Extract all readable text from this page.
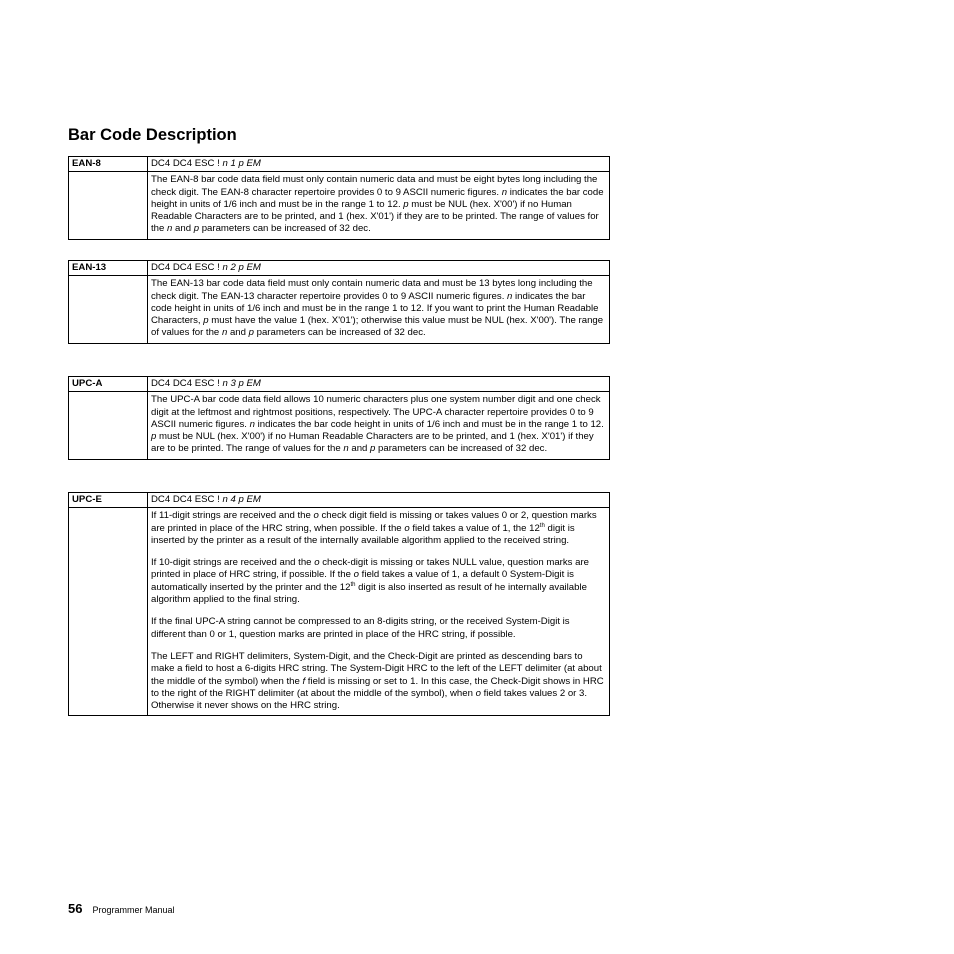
Bar Code Description
EAN-8	DC4 DC4 ESC ! n 1 p EM

	The EAN-8 bar code data field must only contain numeric data and must be eight bytes long including the check digit. The EAN-8 character repertoire provides 0 to 9 ASCII numeric figures. n indicates the bar code height in units of 1/6 inch and must be in the range 1 to 12. p must be NUL (hex. X'00') if no Human Readable Characters are to be printed, and 1 (hex. X'01') if they are to be printed. The range of values for the n and p parameters can be increased of 32 dec.

EAN-13	DC4 DC4 ESC ! n 2 p EM

	The EAN-13 bar code data field must only contain numeric data and must be 13 bytes long including the check digit. The EAN-13 character repertoire provides 0 to 9 ASCII numeric figures. n indicates the bar code height in units of 1/6 inch and must be in the range 1 to 12. If you want to print the Human Readable Characters, p must have the value 1 (hex. X'01'); otherwise this value must be NUL (hex. X'00'). The range of values for the n and p parameters can be increased of 32 dec.

UPC-A	DC4 DC4 ESC ! n 3 p EM

	The UPC-A bar code data field allows 10 numeric characters plus one system number digit and one check digit at the leftmost and rightmost positions, respectively. The UPC-A character repertoire provides 0 to 9 ASCII numeric figures. n indicates the bar code height in units of 1/6 inch and must be in the range 1 to 12. p must be NUL (hex. X'00') if no Human Readable Characters are to be printed, and 1 (hex. X'01') if they are to be printed. The range of values for the n and p parameters can be increased of 32 dec.

UPC-E	DC4 DC4 ESC ! n 4 p EM

	If 11-digit strings are received and the o check digit field is missing or takes values 0 or 2, question marks are printed in place of the HRC string, when possible. If the o field takes a value of 1, the 12th digit is inserted by the printer as a result of the internally available algorithm applied to the received string.

If 10-digit strings are received and the o check-digit is missing or takes NULL value, question marks are printed in place of HRC string, if possible. If the o field takes a value of 1, a default 0 System-Digit is automatically inserted by the printer and the 12th digit is also inserted as result of he internally available algorithm applied to the final string.

If the final UPC-A string cannot be compressed to an 8-digits string, or the received System-Digit is different than 0 or 1, question marks are printed in place of the HRC string, if possible.

The LEFT and RIGHT delimiters, System-Digit, and the Check-Digit are printed as descending bars to make a field to host a 6-digits HRC string. The System-Digit HRC to the left of the LEFT delimiter (at about the middle of the symbol) when the f field is missing or set to 1. In this case, the Check-Digit shows in HRC to the right of the RIGHT delimiter (at about the middle of the symbol), when o field takes values 2 or 3. Otherwise it never shows on the HRC string.

56 Programmer Manual
